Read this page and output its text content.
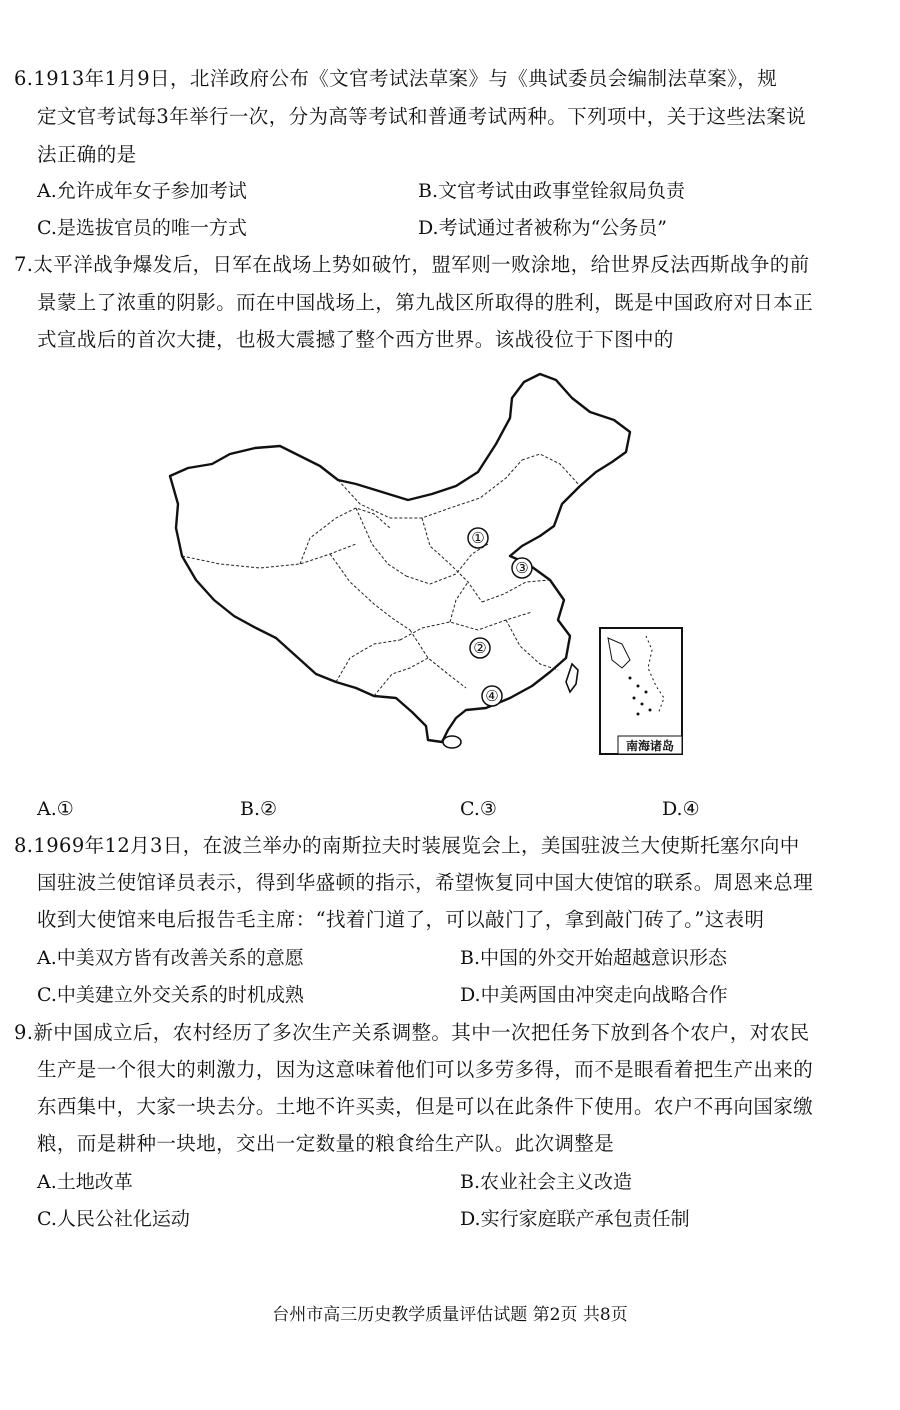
6.1913年1月9日，北洋政府公布《文官考试法草案》与《典试委员会编制法草案》，规
定文官考试每3年举行一次，分为高等考试和普通考试两种。下列项中，关于这些法案说
法正确的是
A.允许成年女子参加考试	B.文官考试由政事堂铨叙局负责
C.是选拔官员的唯一方式	D.考试通过者被称为“公务员”
7.太平洋战争爆发后，日军在战场上势如破竹，盟军则一败涂地，给世界反法西斯战争的前
景蒙上了浓重的阴影。而在中国战场上，第九战区所取得的胜利，既是中国政府对日本正
式宣战后的首次大捷，也极大震撼了整个西方世界。该战役位于下图中的
①
③
②
④
南海诸岛
A.①	B.②	C.③	D.④
8.1969年12月3日，在波兰举办的南斯拉夫时装展览会上，美国驻波兰大使斯托塞尔向中
国驻波兰使馆译员表示，得到华盛顿的指示，希望恢复同中国大使馆的联系。周恩来总理
收到大使馆来电后报告毛主席：“找着门道了，可以敲门了，拿到敲门砖了。”这表明
A.中美双方皆有改善关系的意愿	B.中国的外交开始超越意识形态
C.中美建立外交关系的时机成熟	D.中美两国由冲突走向战略合作
9.新中国成立后，农村经历了多次生产关系调整。其中一次把任务下放到各个农户，对农民
生产是一个很大的刺激力，因为这意味着他们可以多劳多得，而不是眼看着把生产出来的
东西集中，大家一块去分。土地不许买卖，但是可以在此条件下使用。农户不再向国家缴
粮，而是耕种一块地，交出一定数量的粮食给生产队。此次调整是
A.土地改革	B.农业社会主义改造
C.人民公社化运动	D.实行家庭联产承包责任制
台州市高三历史教学质量评估试题 第2页 共8页
